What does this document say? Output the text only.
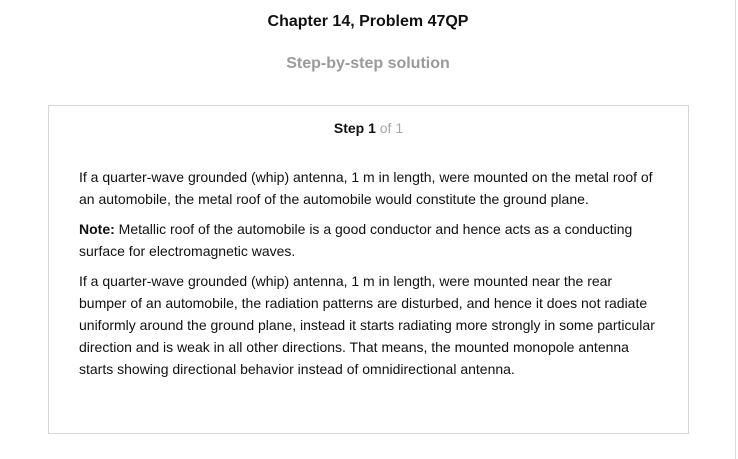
Chapter 14, Problem 47QP
Step-by-step solution
Step 1 of 1

If a quarter-wave grounded (whip) antenna, 1 m in length, were mounted on the metal roof of an automobile, the metal roof of the automobile would constitute the ground plane.

Note: Metallic roof of the automobile is a good conductor and hence acts as a conducting surface for electromagnetic waves.

If a quarter-wave grounded (whip) antenna, 1 m in length, were mounted near the rear bumper of an automobile, the radiation patterns are disturbed, and hence it does not radiate uniformly around the ground plane, instead it starts radiating more strongly in some particular direction and is weak in all other directions. That means, the mounted monopole antenna starts showing directional behavior instead of omnidirectional antenna.
